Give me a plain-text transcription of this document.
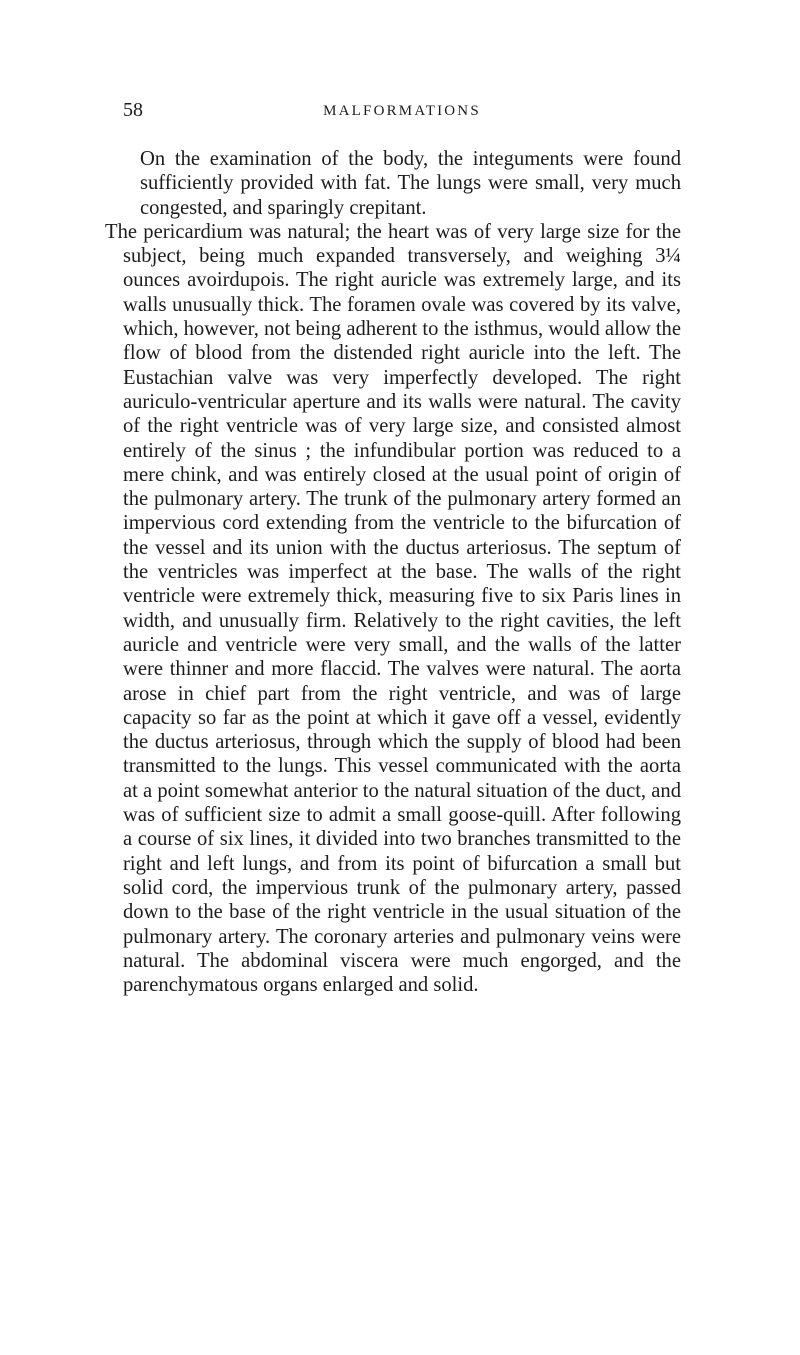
58	MALFORMATIONS

On the examination of the body, the integuments were found sufficiently provided with fat. The lungs were small, very much congested, and sparingly crepitant.

The pericardium was natural; the heart was of very large size for the subject, being much expanded transversely, and weighing 3¼ ounces avoirdupois. The right auricle was extremely large, and its walls unusually thick. The foramen ovale was covered by its valve, which, however, not being adherent to the isthmus, would allow the flow of blood from the distended right auricle into the left. The Eustachian valve was very imperfectly developed. The right auriculo-ventricular aperture and its walls were natural. The cavity of the right ventricle was of very large size, and consisted almost entirely of the sinus ; the infundibular portion was reduced to a mere chink, and was entirely closed at the usual point of origin of the pulmonary artery. The trunk of the pulmonary artery formed an impervious cord extending from the ventricle to the bifurcation of the vessel and its union with the ductus arteriosus. The septum of the ventricles was imperfect at the base. The walls of the right ventricle were extremely thick, measuring five to six Paris lines in width, and unusually firm. Relatively to the right cavities, the left auricle and ventricle were very small, and the walls of the latter were thinner and more flaccid. The valves were natural. The aorta arose in chief part from the right ventricle, and was of large capacity so far as the point at which it gave off a vessel, evidently the ductus arteriosus, through which the supply of blood had been transmitted to the lungs. This vessel communicated with the aorta at a point somewhat anterior to the natural situation of the duct, and was of sufficient size to admit a small goose-quill. After following a course of six lines, it divided into two branches transmitted to the right and left lungs, and from its point of bifurcation a small but solid cord, the impervious trunk of the pulmonary artery, passed down to the base of the right ventricle in the usual situation of the pulmonary artery. The coronary arteries and pulmonary veins were natural. The abdominal viscera were much engorged, and the parenchymatous organs enlarged and solid.
